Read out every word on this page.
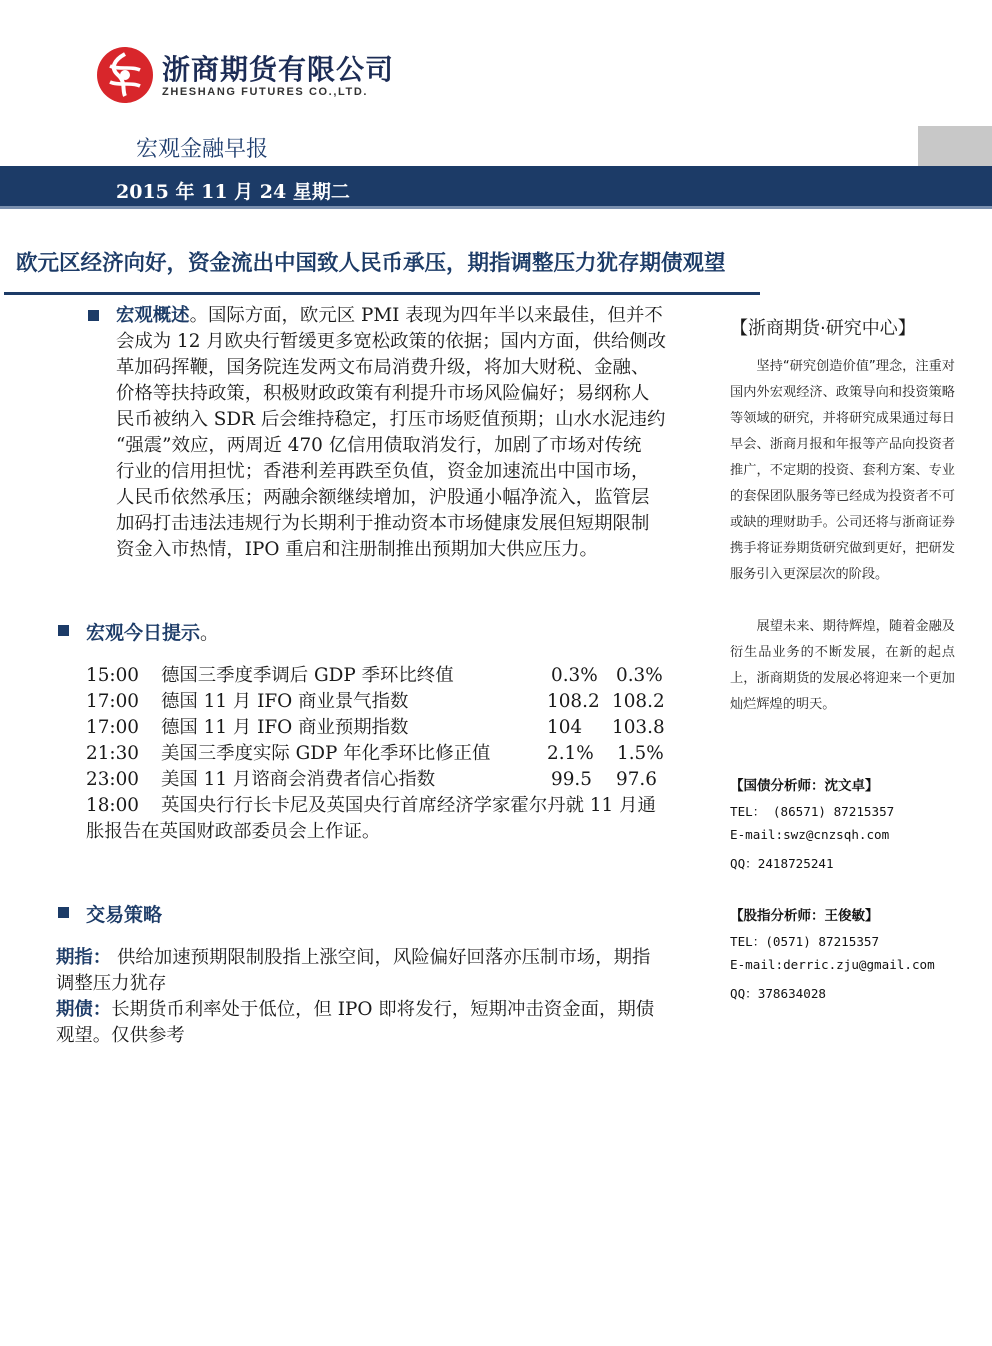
浙商期货有限公司
ZHESHANG FUTURES CO.,LTD.
宏观金融早报
2015 年 11 月 24 星期二
欧元区经济向好，资金流出中国致人民币承压，期指调整压力犹存期债观望
宏观概述。国际方面，欧元区 PMI 表现为四年半以来最佳，但并不
会成为 12 月欧央行暂缓更多宽松政策的依据；国内方面，供给侧改
革加码挥鞭，国务院连发两文布局消费升级，将加大财税、金融、
价格等扶持政策，积极财政政策有利提升市场风险偏好；易纲称人
民币被纳入 SDR 后会维持稳定，打压市场贬值预期；山水水泥违约
“强震”效应，两周近 470 亿信用债取消发行，加剧了市场对传统
行业的信用担忧；香港利差再跌至负值，资金加速流出中国市场，
人民币依然承压；两融余额继续增加，沪股通小幅净流入，监管层
加码打击违法违规行为长期利于推动资本市场健康发展但短期限制
资金入市热情，IPO 重启和注册制推出预期加大供应压力。
宏观今日提示。
15:00 德国三季度季调后 GDP 季环比终值	0.3% 0.3%
17:00 德国 11 月 IFO 商业景气指数	108.2 108.2
17:00 德国 11 月 IFO 商业预期指数	104 103.8
21:30 美国三季度实际 GDP 年化季环比修正值	2.1% 1.5%
23:00 美国 11 月谘商会消费者信心指数	99.5 97.6
18:00 英国央行行长卡尼及英国央行首席经济学家霍尔丹就 11 月通
胀报告在英国财政部委员会上作证。
交易策略
期指： 供给加速预期限制股指上涨空间，风险偏好回落亦压制市场，期指
调整压力犹存
期债：长期货币利率处于低位，但 IPO 即将发行，短期冲击资金面，期债
观望。仅供参考
【浙商期货·研究中心】
　　坚持“研究创造价值”理念，注重对国内外宏观经济、政策导向和投资策略等领域的研究，并将研究成果通过每日早会、浙商月报和年报等产品向投资者推广，不定期的投资、套利方案、专业的套保团队服务等已经成为投资者不可或缺的理财助手。公司还将与浙商证券携手将证券期货研究做到更好，把研发服务引入更深层次的阶段。
　　展望未来、期待辉煌，随着金融及衍生品业务的不断发展，在新的起点上，浙商期货的发展必将迎来一个更加灿烂辉煌的明天。
【国债分析师：沈文卓】
TEL： (86571) 87215357
E-mail:swz@cnzsqh.com
QQ：2418725241
【股指分析师：王俊敏】
TEL：(0571) 87215357
E-mail:derric.zju@gmail.com
QQ：378634028
